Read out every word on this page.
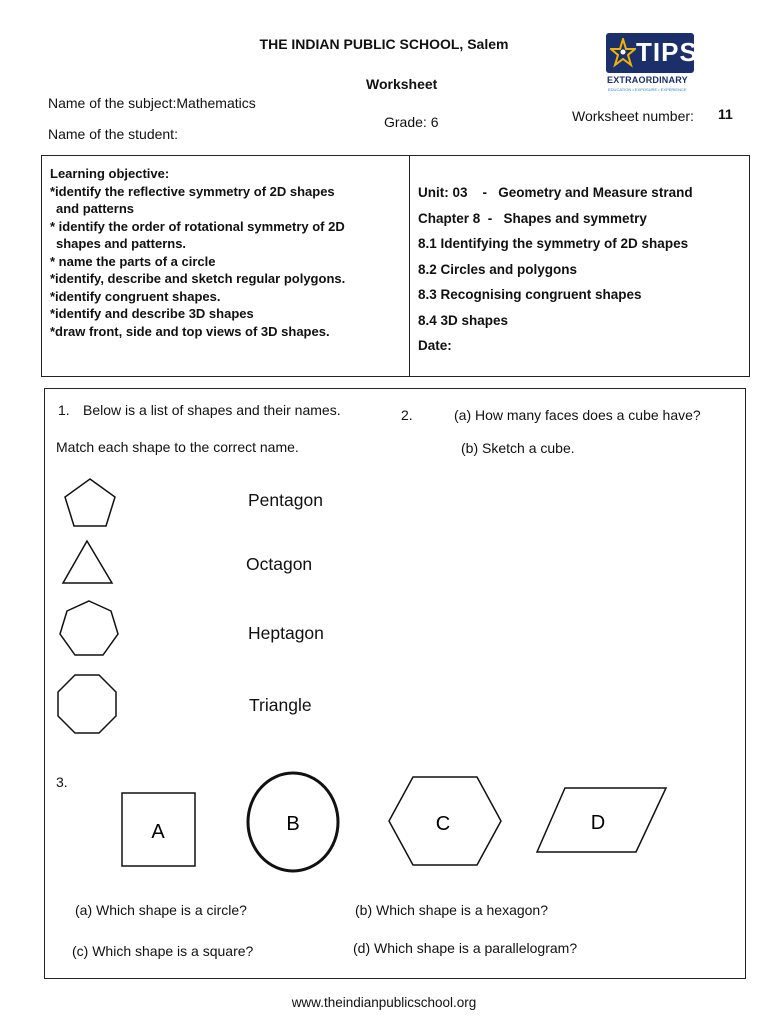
THE INDIAN PUBLIC SCHOOL, Salem
Worksheet
Name of the subject:Mathematics
Name of the student:
Grade: 6	Worksheet number: 11
TIPS
EXTRAORDINARY
EDUCATION • EXPOSURE • EXPERIENCE
Learning objective:
*identify the reflective symmetry of 2D shapes
and patterns
* identify the order of rotational symmetry of 2D
shapes and patterns.
* name the parts of a circle
*identify, describe and sketch regular polygons.
*identify congruent shapes.
*identify and describe 3D shapes
*draw front, side and top views of 3D shapes.
Unit: 03    -   Geometry and Measure strand
Chapter 8  -   Shapes and symmetry
8.1 Identifying the symmetry of 2D shapes
8.2 Circles and polygons
8.3 Recognising congruent shapes
8.4 3D shapes
Date:
1. Below is a list of shapes and their names.
Match each shape to the correct name.
Pentagon
Octagon
Heptagon
Triangle
2.	(a) How many faces does a cube have?
(b) Sketch a cube.
3.
A	B	C	D
(a) Which shape is a circle?	(b) Which shape is a hexagon?
(c) Which shape is a square?	(d) Which shape is a parallelogram?
www.theindianpublicschool.org
